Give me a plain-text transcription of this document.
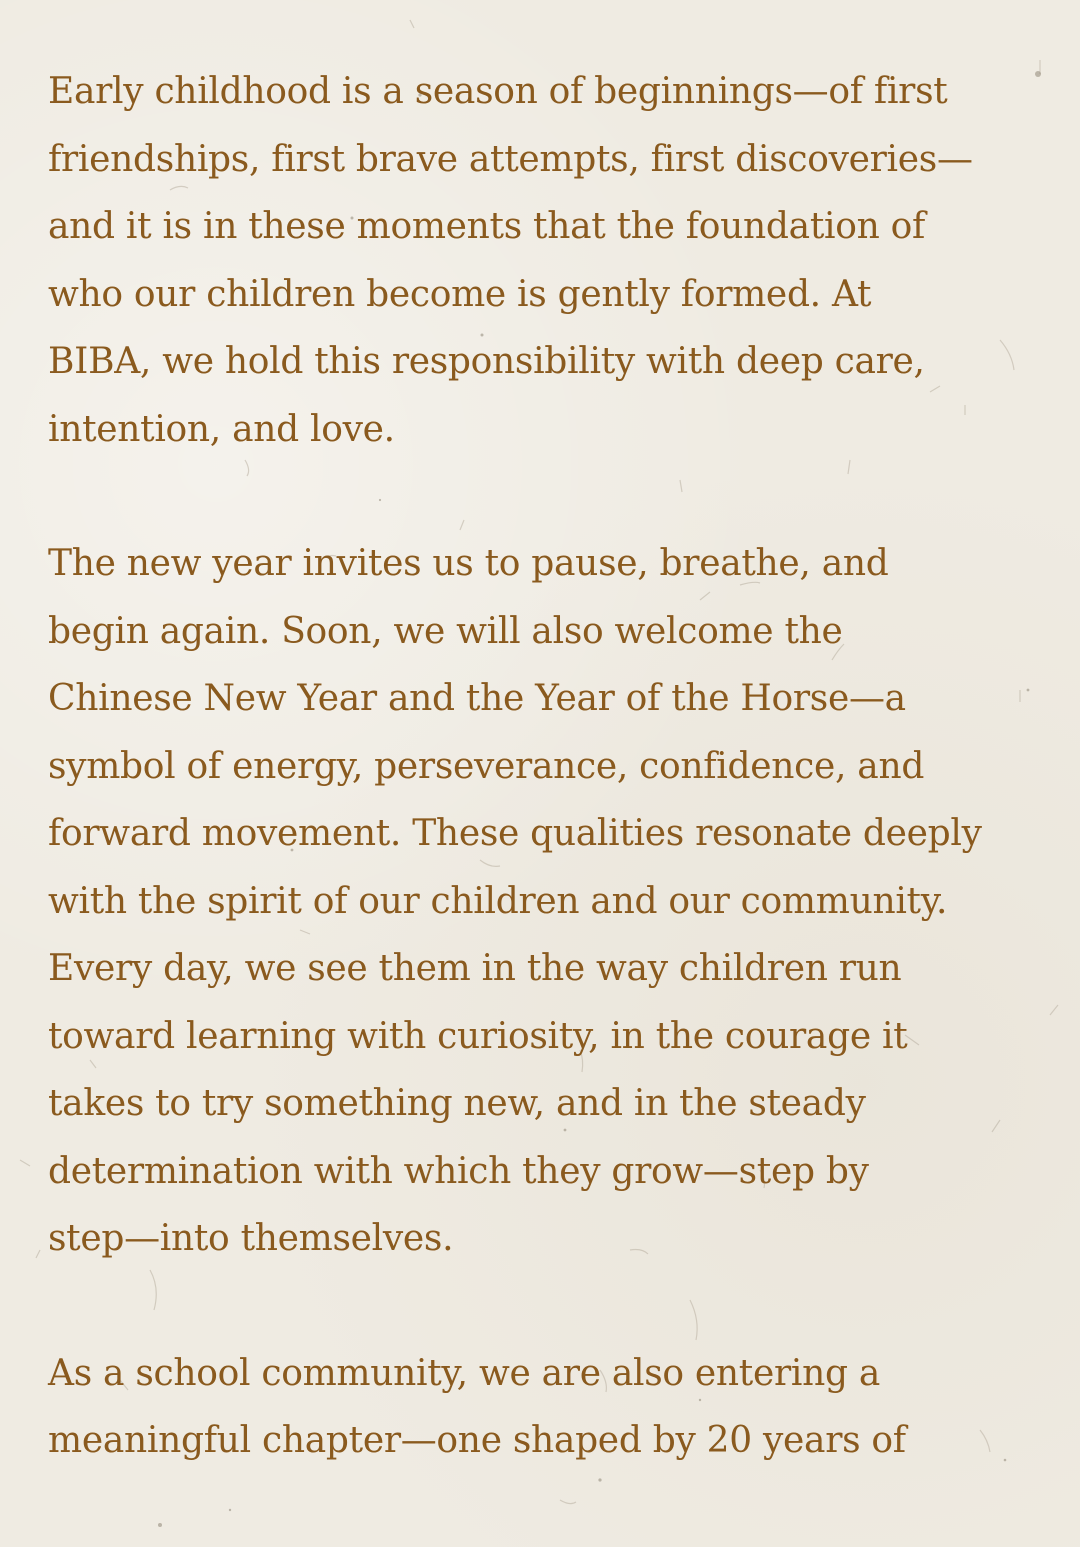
Early childhood is a season of beginnings—of first
friendships, first brave attempts, first discoveries—
and it is in these moments that the foundation of
who our children become is gently formed. At
BIBA, we hold this responsibility with deep care,
intention, and love.

The new year invites us to pause, breathe, and
begin again. Soon, we will also welcome the
Chinese New Year and the Year of the Horse—a
symbol of energy, perseverance, confidence, and
forward movement. These qualities resonate deeply
with the spirit of our children and our community.
Every day, we see them in the way children run
toward learning with curiosity, in the courage it
takes to try something new, and in the steady
determination with which they grow—step by
step—into themselves.

As a school community, we are also entering a
meaningful chapter—one shaped by 20 years of
